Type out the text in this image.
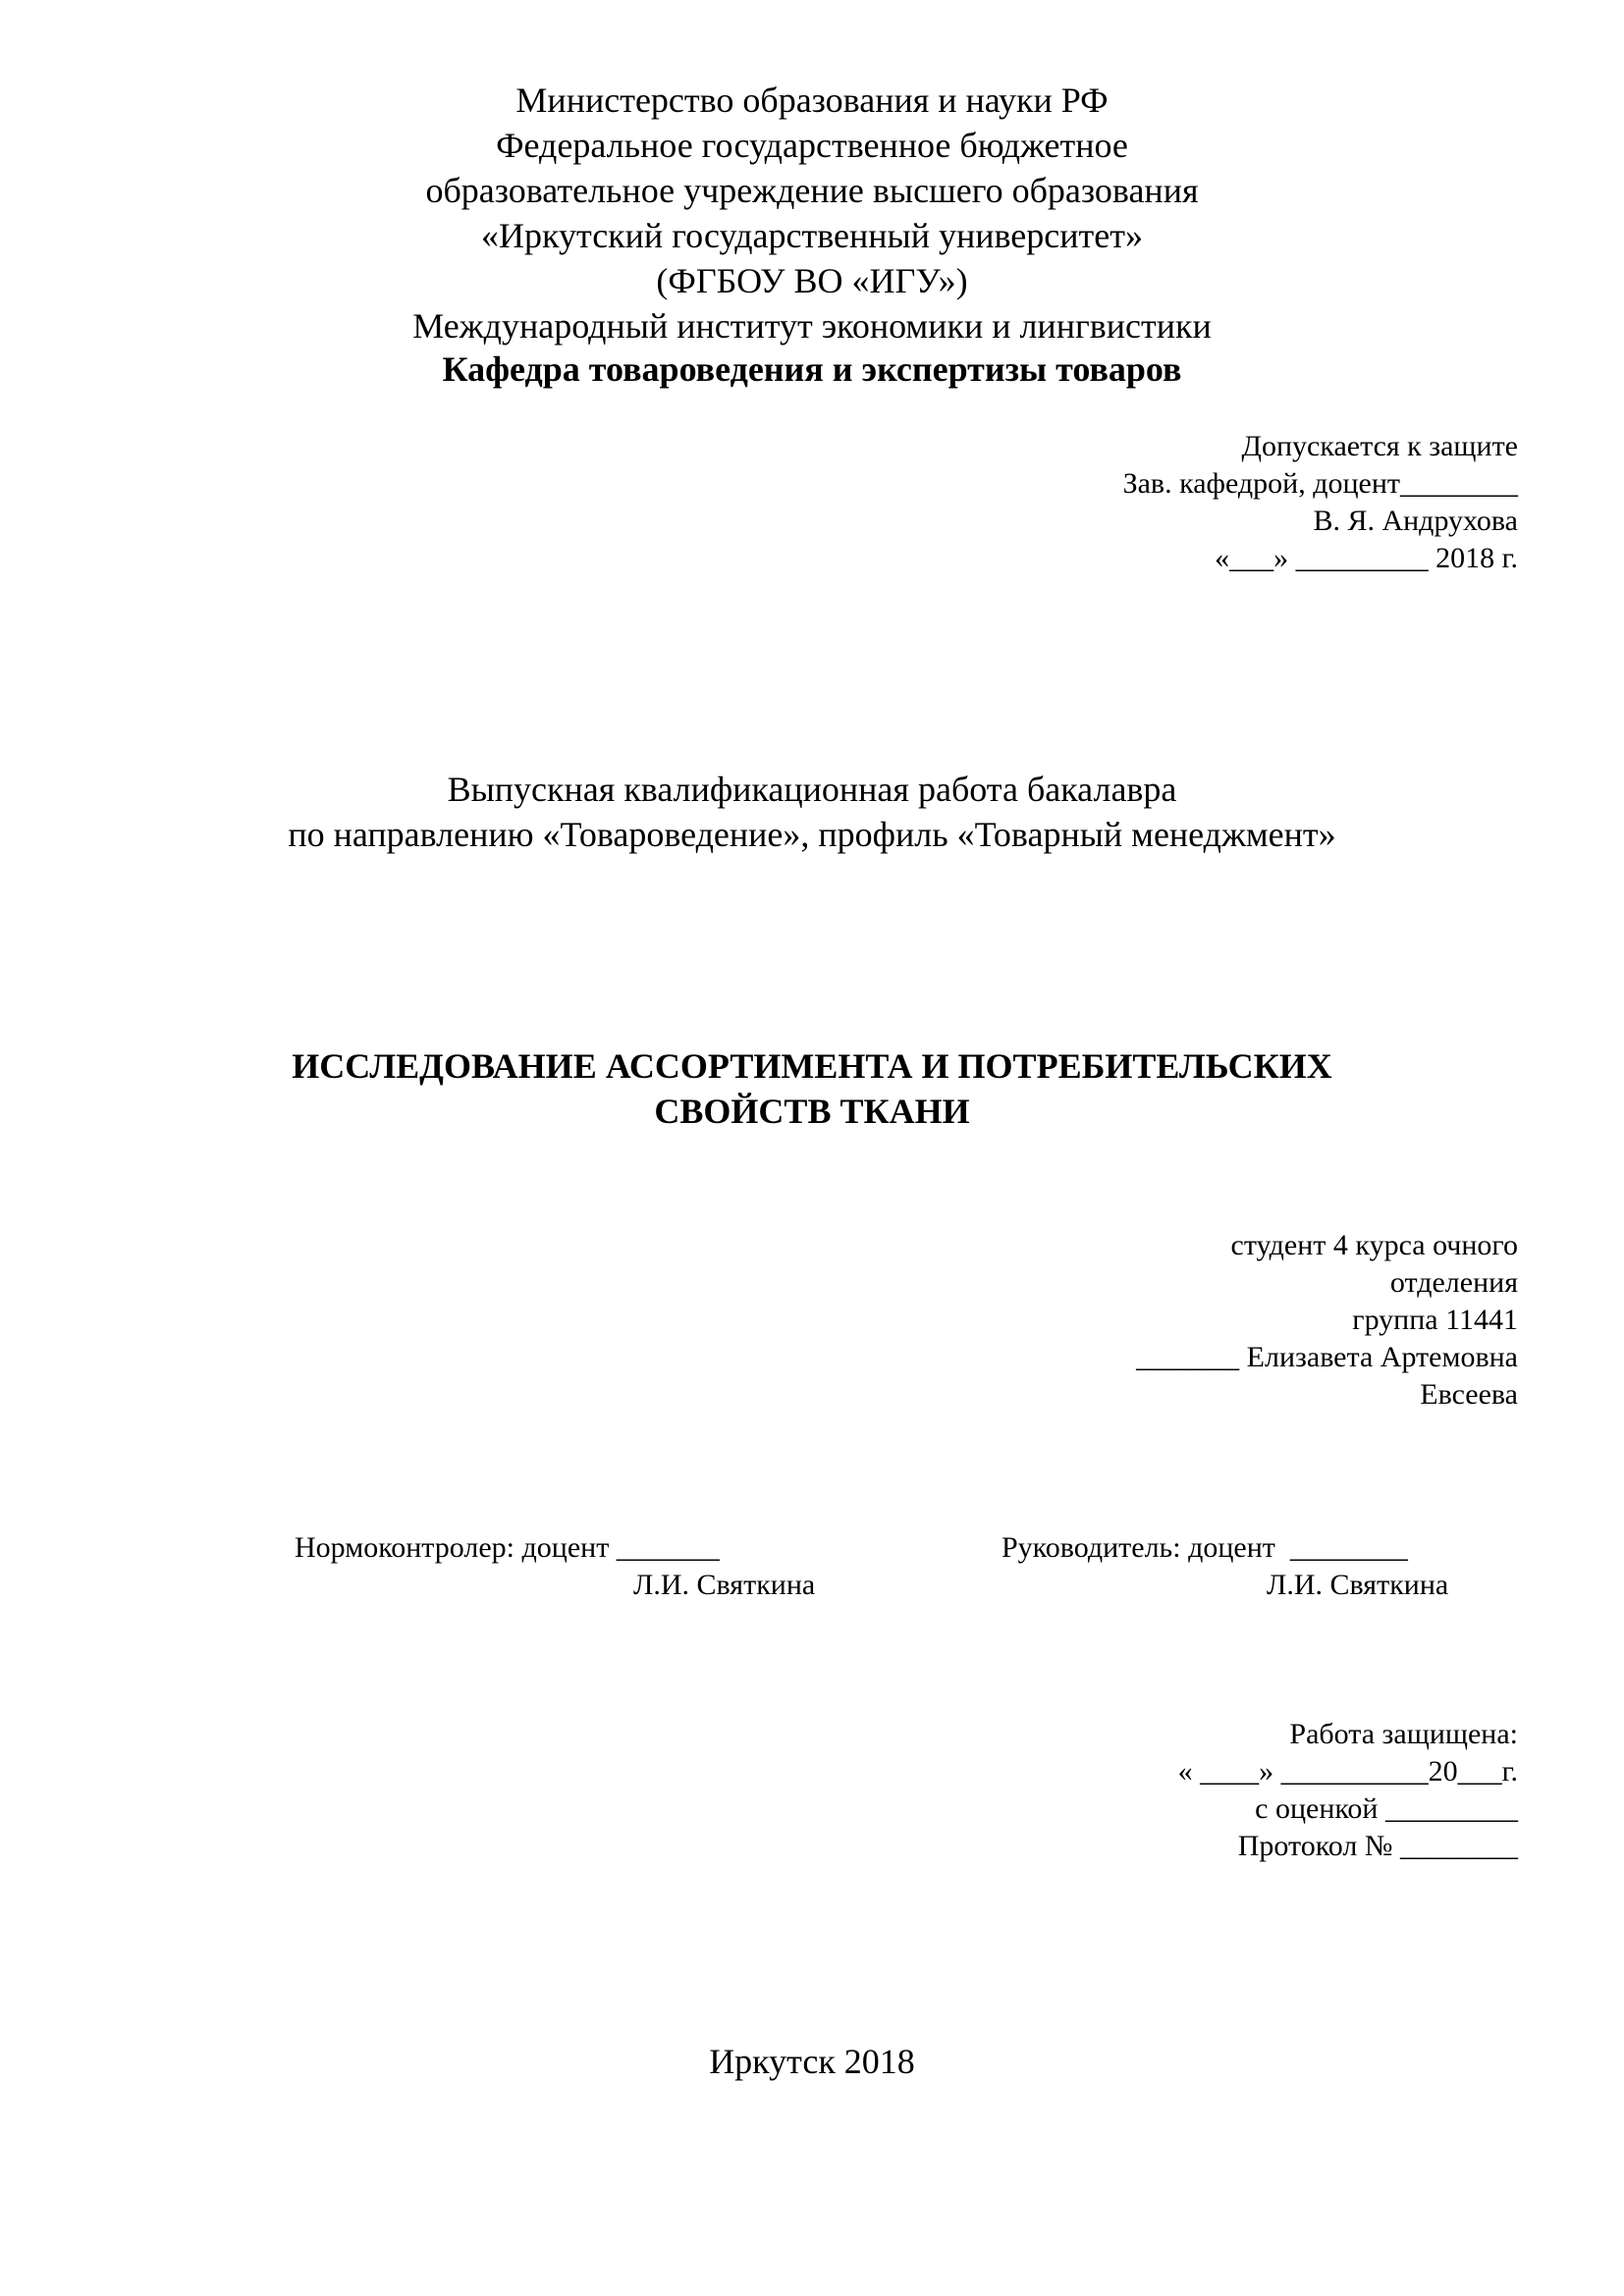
Министерство образования и науки РФ
Федеральное государственное бюджетное
образовательное учреждение высшего образования
«Иркутский государственный университет»
(ФГБОУ ВО «ИГУ»)
Международный институт экономики и лингвистики
Кафедра товароведения и экспертизы товаров
Допускается к защите
Зав. кафедрой, доцент________
В. Я. Андрухова
«___» _________ 2018 г.
Выпускная квалификационная работа бакалавра
по направлению «Товароведение», профиль «Товарный менеджмент»
ИССЛЕДОВАНИЕ АССОРТИМЕНТА И ПОТРЕБИТЕЛЬСКИХ
СВОЙСТВ ТКАНИ
студент 4 курса очного
отделения
группа 11441
_______ Елизавета Артемовна
Евсеева
Нормоконтролер: доцент _______
Л.И. Святкина
Руководитель: доцент  ________
Л.И. Святкина
Работа защищена:
« ____» __________20___г.
с оценкой _________
Протокол № ________
Иркутск 2018
